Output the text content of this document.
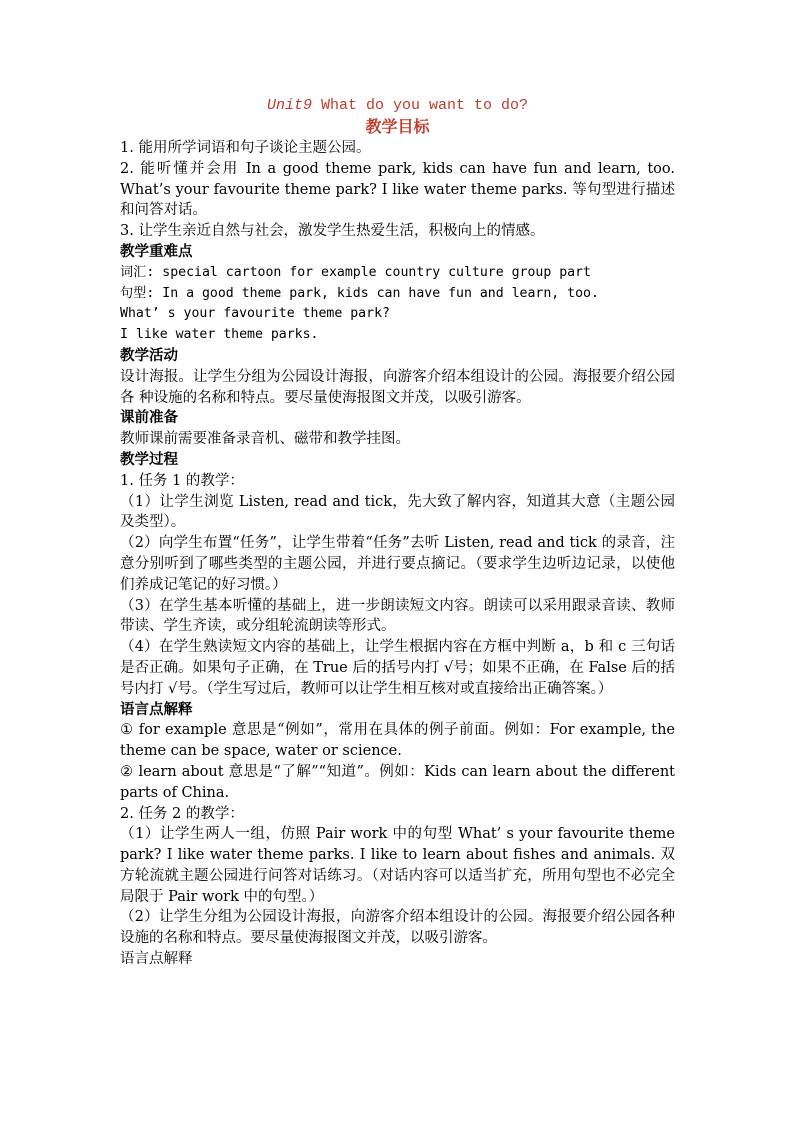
Unit9 What do you want to do?

教学目标

1. 能用所学词语和句子谈论主题公园。

2. 能听懂并会用 In a good theme park, kids can have fun and learn, too. What’s your favourite theme park? I like water theme parks. 等句型进行描述和问答对话。

3. 让学生亲近自然与社会，激发学生热爱生活，积极向上的情感。

教学重难点

词汇: special cartoon for example country culture group part

句型: In a good theme park, kids can have fun and learn, too.

What’ s your favourite theme park?

I like water theme parks.

教学活动

设计海报。让学生分组为公园设计海报，向游客介绍本组设计的公园。海报要介绍公园各 种设施的名称和特点。要尽量使海报图文并茂，以吸引游客。

课前准备

教师课前需要准备录音机、磁带和教学挂图。

教学过程

1. 任务 1 的教学：

（1）让学生浏览 Listen, read and tick，先大致了解内容，知道其大意（主题公园及类型）。

（2）向学生布置“任务”，让学生带着“任务”去听 Listen, read and tick 的录音，注意分别听到了哪些类型的主题公园，并进行要点摘记。（要求学生边听边记录，以使他们养成记笔记的好习惯。）

（3）在学生基本听懂的基础上，进一步朗读短文内容。朗读可以采用跟录音读、教师带读、学生齐读，或分组轮流朗读等形式。

（4）在学生熟读短文内容的基础上，让学生根据内容在方框中判断 a，b 和 c 三句话是否正确。如果句子正确，在 True 后的括号内打 √号；如果不正确，在 False 后的括号内打 √号。（学生写过后，教师可以让学生相互核对或直接给出正确答案。）

语言点解释

① for example 意思是“例如”，常用在具体的例子前面。例如：For example, the theme can be space, water or science.

② learn about 意思是“了解”“知道”。例如：Kids can learn about the different parts of China.

2. 任务 2 的教学：

（1）让学生两人一组，仿照 Pair work 中的句型 What’ s your favourite theme park? I like water theme parks. I like to learn about fishes and animals. 双方轮流就主题公园进行问答对话练习。（对话内容可以适当扩充，所用句型也不必完全局限于 Pair work 中的句型。）

（2）让学生分组为公园设计海报，向游客介绍本组设计的公园。海报要介绍公园各种设施的名称和特点。要尽量使海报图文并茂，以吸引游客。

语言点解释
